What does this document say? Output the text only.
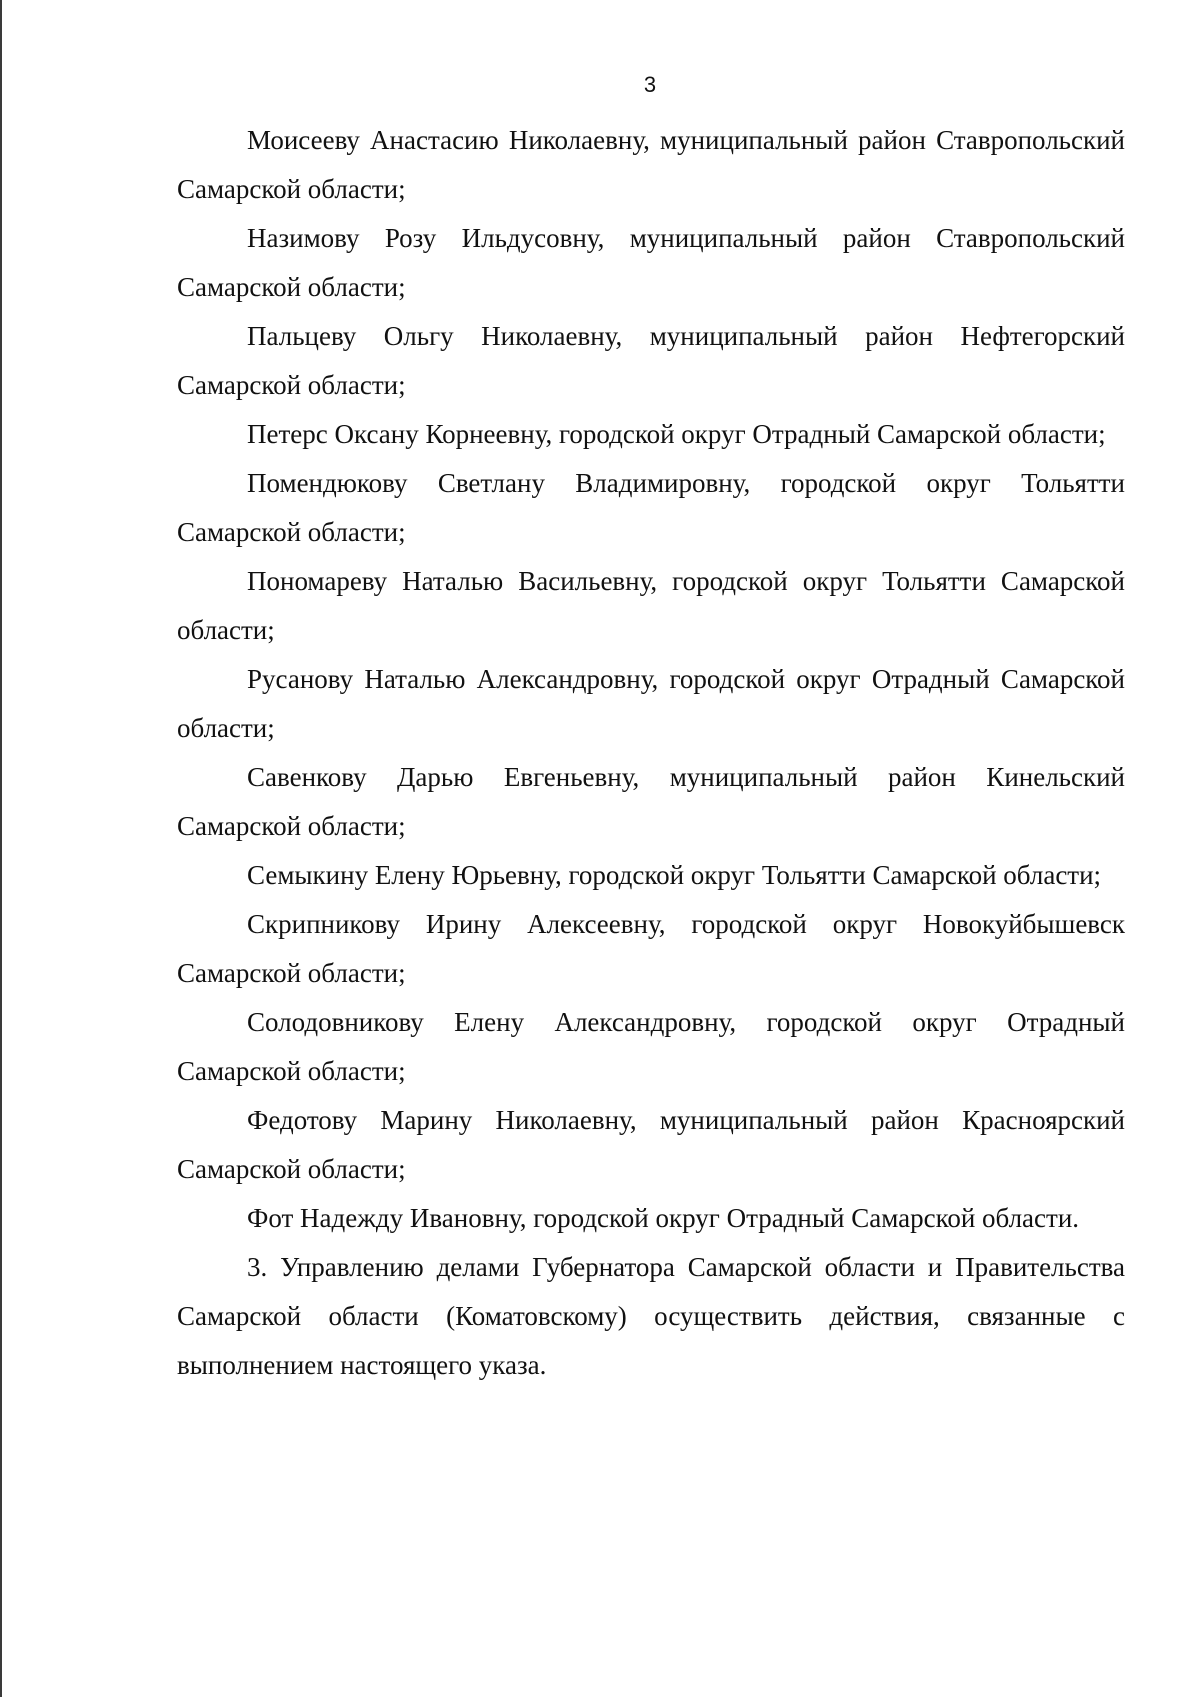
3

Моисееву Анастасию Николаевну, муниципальный район Ставропольский Самарской области;

Назимову Розу Ильдусовну, муниципальный район Ставропольский Самарской области;

Пальцеву Ольгу Николаевну, муниципальный район Нефтегорский Самарской области;

Петерс Оксану Корнеевну, городской округ Отрадный Самарской области;

Помендюкову Светлану Владимировну, городской округ Тольятти Самарской области;

Пономареву Наталью Васильевну, городской округ Тольятти Самарской области;

Русанову Наталью Александровну, городской округ Отрадный Самарской области;

Савенкову Дарью Евгеньевну, муниципальный район Кинельский Самарской области;

Семыкину Елену Юрьевну, городской округ Тольятти Самарской области;

Скрипникову Ирину Алексеевну, городской округ Новокуйбышевск Самарской области;

Солодовникову Елену Александровну, городской округ Отрадный Самарской области;

Федотову Марину Николаевну, муниципальный район Красноярский Самарской области;

Фот Надежду Ивановну, городской округ Отрадный Самарской области.

3. Управлению делами Губернатора Самарской области и Правительства Самарской области (Коматовскому) осуществить действия, связанные с выполнением настоящего указа.
